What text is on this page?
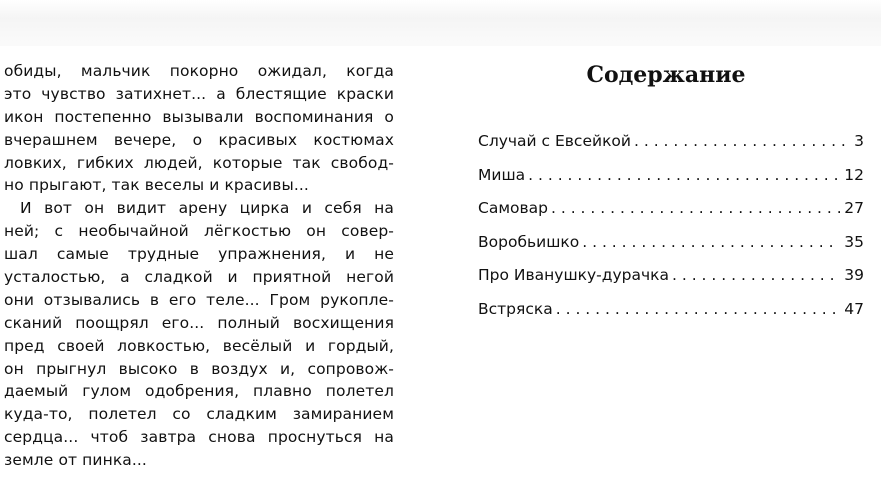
обиды, мальчик покорно ожидал, когда
это чувство затихнет... а блестящие краски
икон постепенно вызывали воспоминания о
вчерашнем вечере, о красивых костюмах
ловких, гибких людей, которые так свобод-
но прыгают, так веселы и красивы...
И вот он видит арену цирка и себя на
ней; с необычайной лёгкостью он совер-
шал самые трудные упражнения, и не
усталостью, а сладкой и приятной негой
они отзывались в его теле... Гром рукопле-
сканий поощрял его... полный восхищения
пред своей ловкостью, весёлый и гордый,
он прыгнул высоко в воздух и, сопровож-
даемый гулом одобрения, плавно полетел
куда-то, полетел со сладким замиранием
сердца... чтоб завтра снова проснуться на
земле от пинка...
Содержание
Случай с Евсейкой . . .	3
Миша . . .	12
Самовар . . .	27
Воробьишко . . .	35
Про Иванушку-дурачка . . .	39
Встряска . . .	47
